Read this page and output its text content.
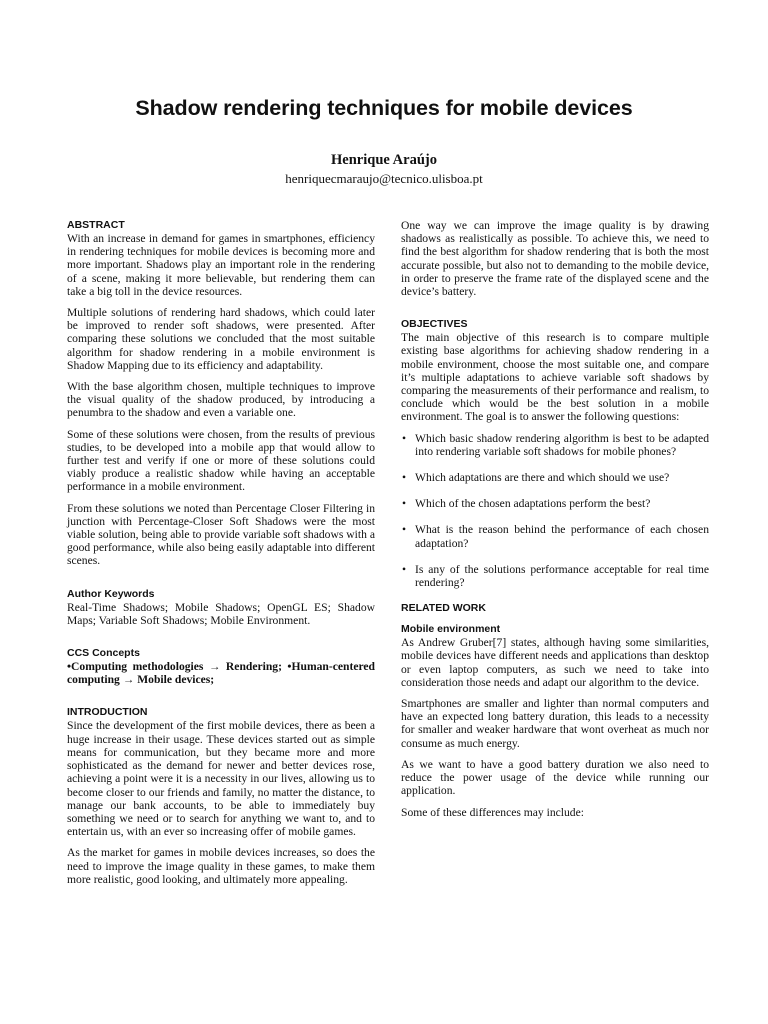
Shadow rendering techniques for mobile devices
Henrique Araújo
henriquecmaraujo@tecnico.ulisboa.pt
ABSTRACT

With an increase in demand for games in smartphones, efficiency in rendering techniques for mobile devices is becoming more and more important. Shadows play an important role in the rendering of a scene, making it more believable, but rendering them can take a big toll in the device resources.

Multiple solutions of rendering hard shadows, which could later be improved to render soft shadows, were presented. After comparing these solutions we concluded that the most suitable algorithm for shadow rendering in a mobile environment is Shadow Mapping due to its efficiency and adaptability.

With the base algorithm chosen, multiple techniques to improve the visual quality of the shadow produced, by introducing a penumbra to the shadow and even a variable one.

Some of these solutions were chosen, from the results of previous studies, to be developed into a mobile app that would allow to further test and verify if one or more of these solutions could viably produce a realistic shadow while having an acceptable performance in a mobile environment.

From these solutions we noted than Percentage Closer Filtering in junction with Percentage-Closer Soft Shadows were the most viable solution, being able to provide variable soft shadows with a good performance, while also being easily adaptable into different scenes.

Author Keywords

Real-Time Shadows; Mobile Shadows; OpenGL ES; Shadow Maps; Variable Soft Shadows; Mobile Environment.

CCS Concepts

•Computing methodologies → Rendering; •Human-centered computing → Mobile devices;

INTRODUCTION

Since the development of the first mobile devices, there as been a huge increase in their usage. These devices started out as simple means for communication, but they became more and more sophisticated as the demand for newer and better devices rose, achieving a point were it is a necessity in our lives, allowing us to become closer to our friends and family, no matter the distance, to manage our bank accounts, to be able to immediately buy something we need or to search for anything we want to, and to entertain us, with an ever so increasing offer of mobile games.

As the market for games in mobile devices increases, so does the need to improve the image quality in these games, to make them more realistic, good looking, and ultimately more appealing.

One way we can improve the image quality is by drawing shadows as realistically as possible. To achieve this, we need to find the best algorithm for shadow rendering that is both the most accurate possible, but also not to demanding to the mobile device, in order to preserve the frame rate of the displayed scene and the device’s battery.

OBJECTIVES

The main objective of this research is to compare multiple existing base algorithms for achieving shadow rendering in a mobile environment, choose the most suitable one, and compare it’s multiple adaptations to achieve variable soft shadows by comparing the measurements of their performance and realism, to conclude which would be the best solution in a mobile environment. The goal is to answer the following questions:

• Which basic shadow rendering algorithm is best to be adapted into rendering variable soft shadows for mobile phones?
• Which adaptations are there and which should we use?
• Which of the chosen adaptations perform the best?
• What is the reason behind the performance of each chosen adaptation?
• Is any of the solutions performance acceptable for real time rendering?
RELATED WORK
Mobile environment

As Andrew Gruber[7] states, although having some similarities, mobile devices have different needs and applications than desktop or even laptop computers, as such we need to take into consideration those needs and adapt our algorithm to the device.

Smartphones are smaller and lighter than normal computers and have an expected long battery duration, this leads to a necessity for smaller and weaker hardware that wont overheat as much nor consume as much energy.

As we want to have a good battery duration we also need to reduce the power usage of the device while running our application.

Some of these differences may include:
